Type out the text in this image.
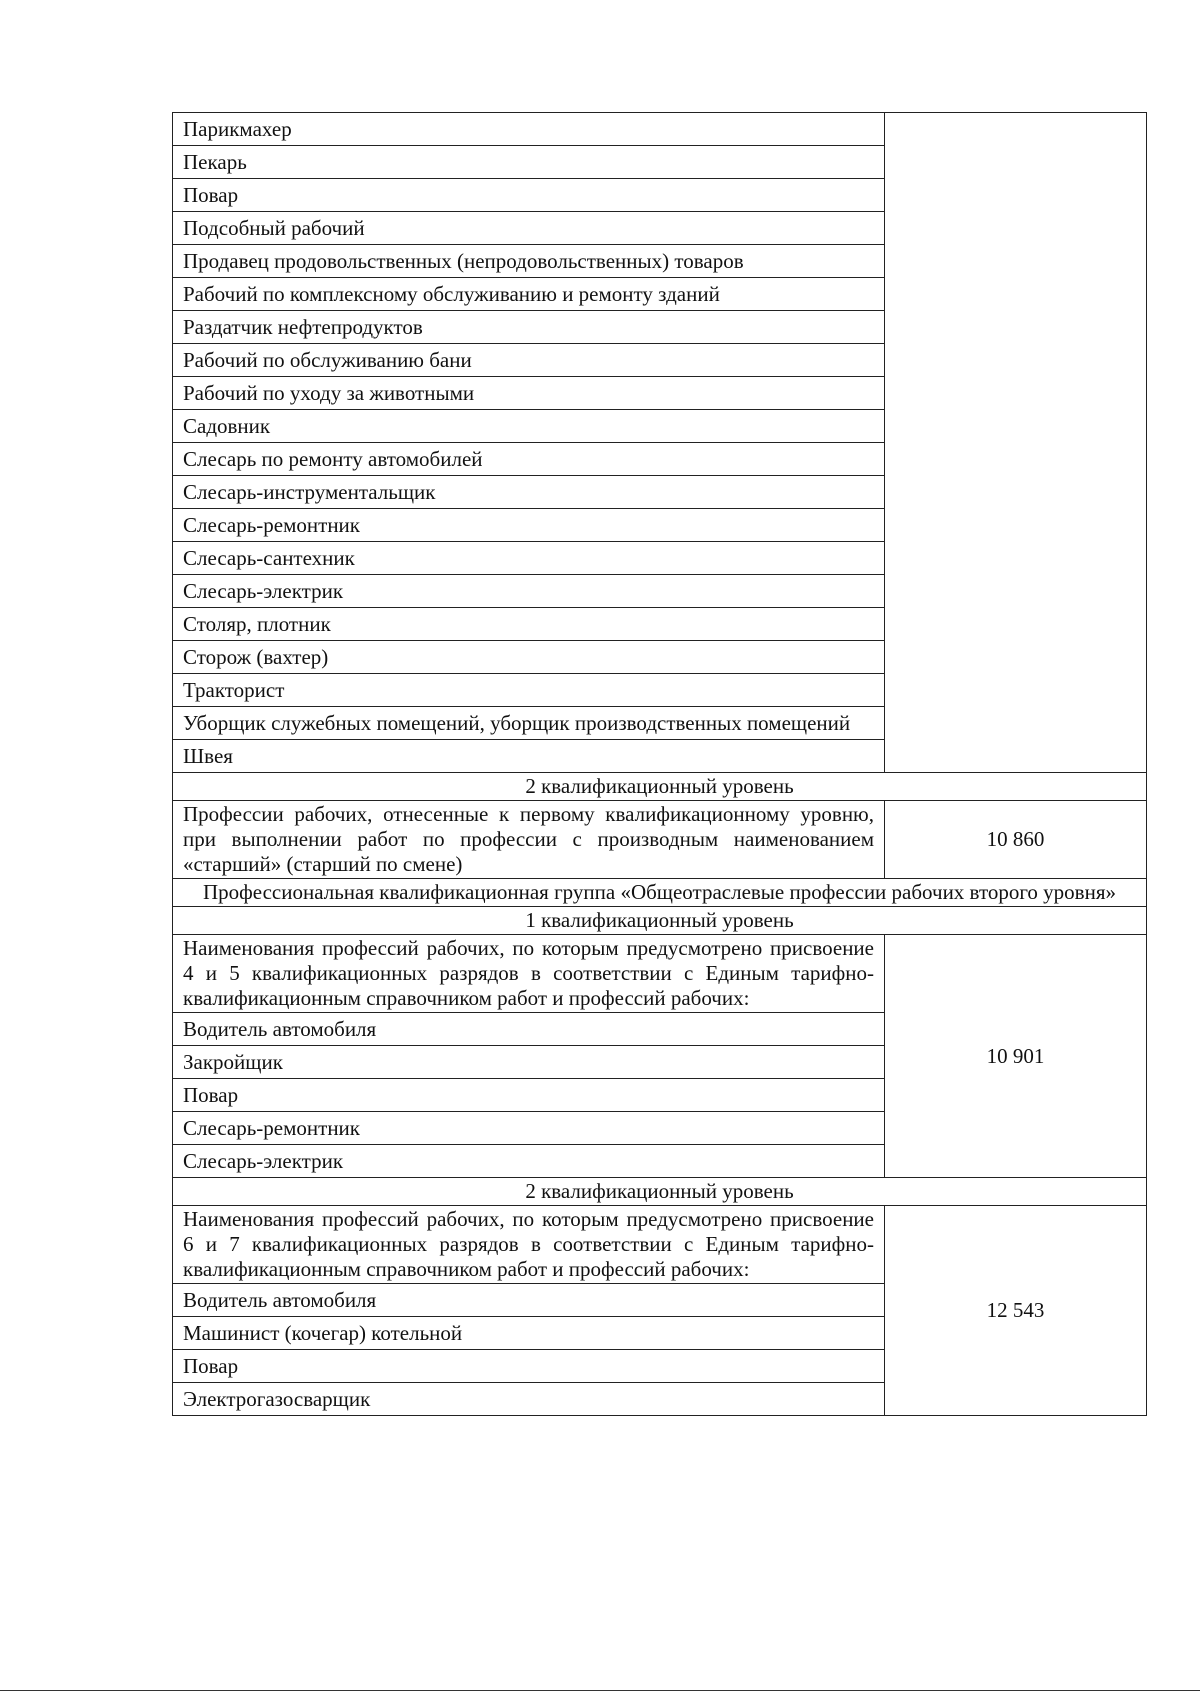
Парикмахер	
Пекарь	
Повар	
Подсобный рабочий	
Продавец продовольственных (непродовольственных) товаров	
Рабочий по комплексному обслуживанию и ремонту зданий	
Раздатчик нефтепродуктов	
Рабочий по обслуживанию бани	
Рабочий по уходу за животными	
Садовник	
Слесарь по ремонту автомобилей	
Слесарь-инструментальщик	
Слесарь-ремонтник	
Слесарь-сантехник	
Слесарь-электрик	
Столяр, плотник	
Сторож (вахтер)	
Тракторист	
Уборщик служебных помещений, уборщик производственных помещений	
Швея	
2 квалификационный уровень	
Профессии рабочих, отнесенные к первому квалификационному уровню, при выполнении работ по профессии с производным наименованием «старший» (старший по смене)	10 860
Профессиональная квалификационная группа «Общеотраслевые профессии рабочих второго уровня»	
1 квалификационный уровень	
Наименования профессий рабочих, по которым предусмотрено присвоение 4 и 5 квалификационных разрядов в соответствии с Единым тарифно-квалификационным справочником работ и профессий рабочих:	10 901
Водитель автомобиля	
Закройщик	
Повар	
Слесарь-ремонтник	
Слесарь-электрик	
2 квалификационный уровень	
Наименования профессий рабочих, по которым предусмотрено присвоение 6 и 7 квалификационных разрядов в соответствии с Единым тарифно-квалификационным справочником работ и профессий рабочих:	12 543
Водитель автомобиля	
Машинист (кочегар) котельной	
Повар	
Электрогазосварщик	
